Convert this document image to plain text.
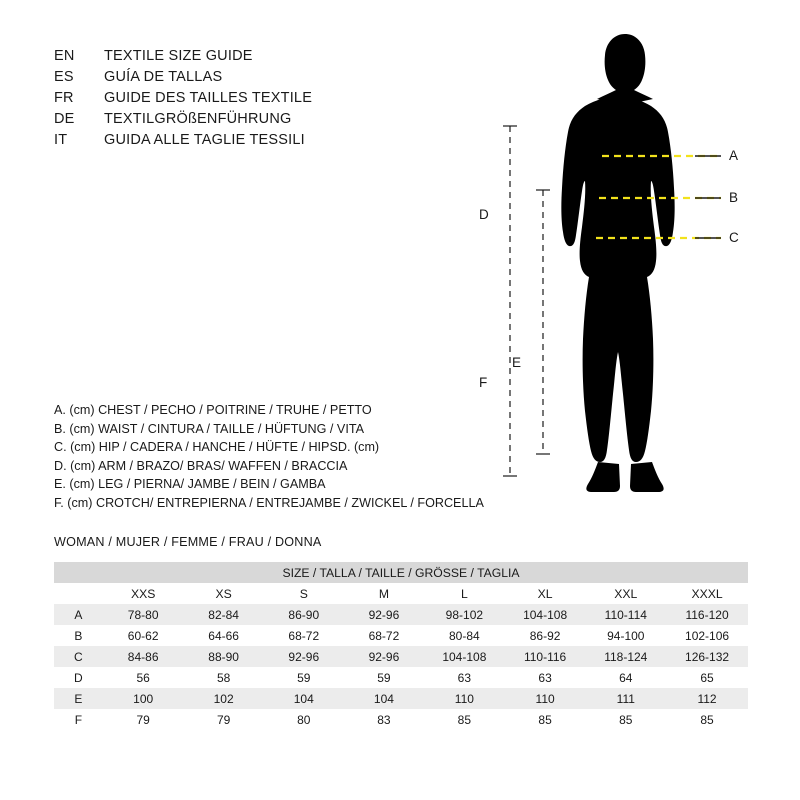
EN	TEXTILE SIZE GUIDE
ES	GUÍA DE TALLAS
FR	GUIDE DES TAILLES TEXTILE
DE	TEXTILGRÖßENFÜHRUNG
IT	GUIDA ALLE TAGLIE TESSILI
A
B
C
D
E
F
A. (cm) CHEST / PECHO / POITRINE / TRUHE / PETTO
B. (cm) WAIST / CINTURA / TAILLE / HÜFTUNG / VITA
C. (cm) HIP / CADERA / HANCHE / HÜFTE / HIPSD. (cm)
D. (cm) ARM / BRAZO/ BRAS/ WAFFEN / BRACCIA
E. (cm) LEG / PIERNA/ JAMBE / BEIN / GAMBA
F. (cm) CROTCH/ ENTREPIERNA / ENTREJAMBE / ZWICKEL / FORCELLA
WOMAN / MUJER / FEMME / FRAU / DONNA
SIZE / TALLA / TAILLE / GRÖSSE / TAGLIA								
	XXS	XS	S	M	L	XL	XXL	XXXL
A	78-80	82-84	86-90	92-96	98-102	104-108	110-114	116-120
B	60-62	64-66	68-72	68-72	80-84	86-92	94-100	102-106
C	84-86	88-90	92-96	92-96	104-108	110-116	118-124	126-132
D	56	58	59	59	63	63	64	65
E	100	102	104	104	110	110	111	112
F	79	79	80	83	85	85	85	85
